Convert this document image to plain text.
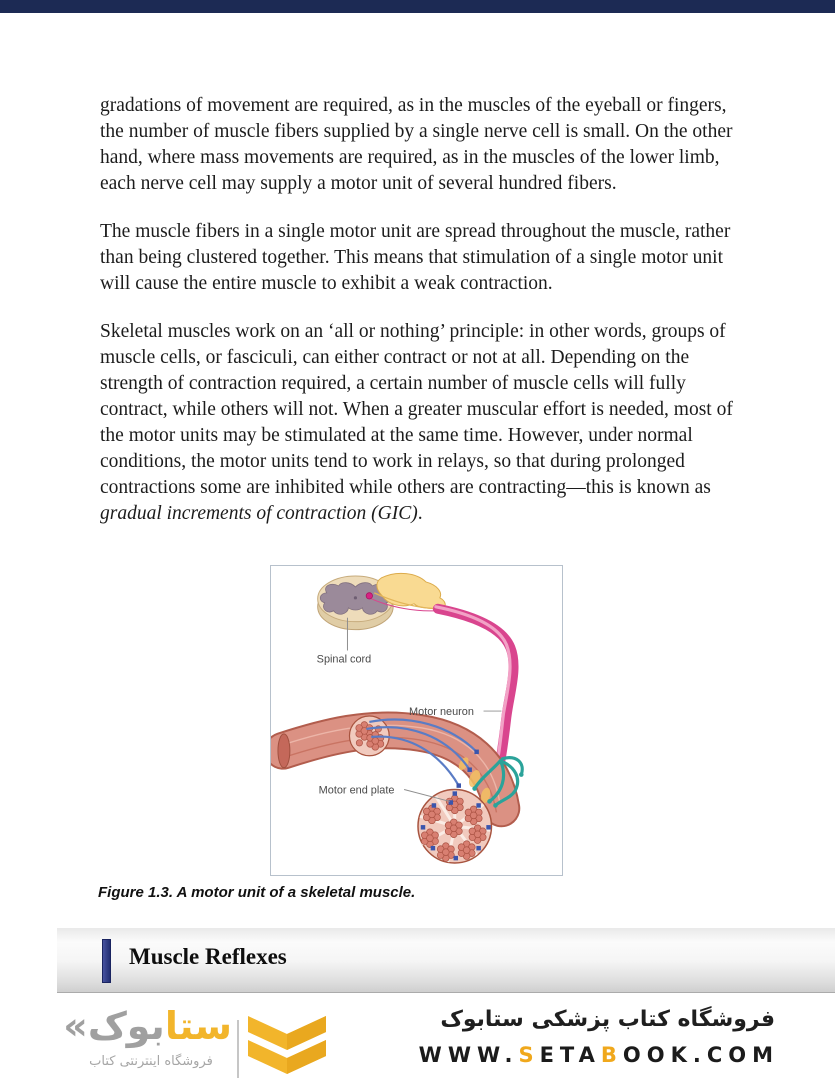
gradations of movement are required, as in the muscles of the eyeball or fingers, the number of muscle fibers supplied by a single nerve cell is small. On the other hand, where mass movements are required, as in the muscles of the lower limb, each nerve cell may supply a motor unit of several hundred fibers.

The muscle fibers in a single motor unit are spread throughout the muscle, rather than being clustered together. This means that stimulation of a single motor unit will cause the entire muscle to exhibit a weak contraction.

Skeletal muscles work on an ‘all or nothing’ principle: in other words, groups of muscle cells, or fasciculi, can either contract or not at all. Depending on the strength of contraction required, a certain number of muscle cells will fully contract, while others will not. When a greater muscular effort is needed, most of the motor units may be stimulated at the same time. However, under normal conditions, the motor units tend to work in relays, so that during prolonged contractions some are inhibited while others are contracting—this is known as gradual increments of contraction (GIC).

Spinal cord
Motor neuron
Motor end plate

Figure 1.3. A motor unit of a skeletal muscle.

Muscle Reflexes
فروشگاه کتاب پزشکی ستابوک
WWW.SETABOOK.COM
ستابوک«
فروشگاه اینترنتی کتاب
